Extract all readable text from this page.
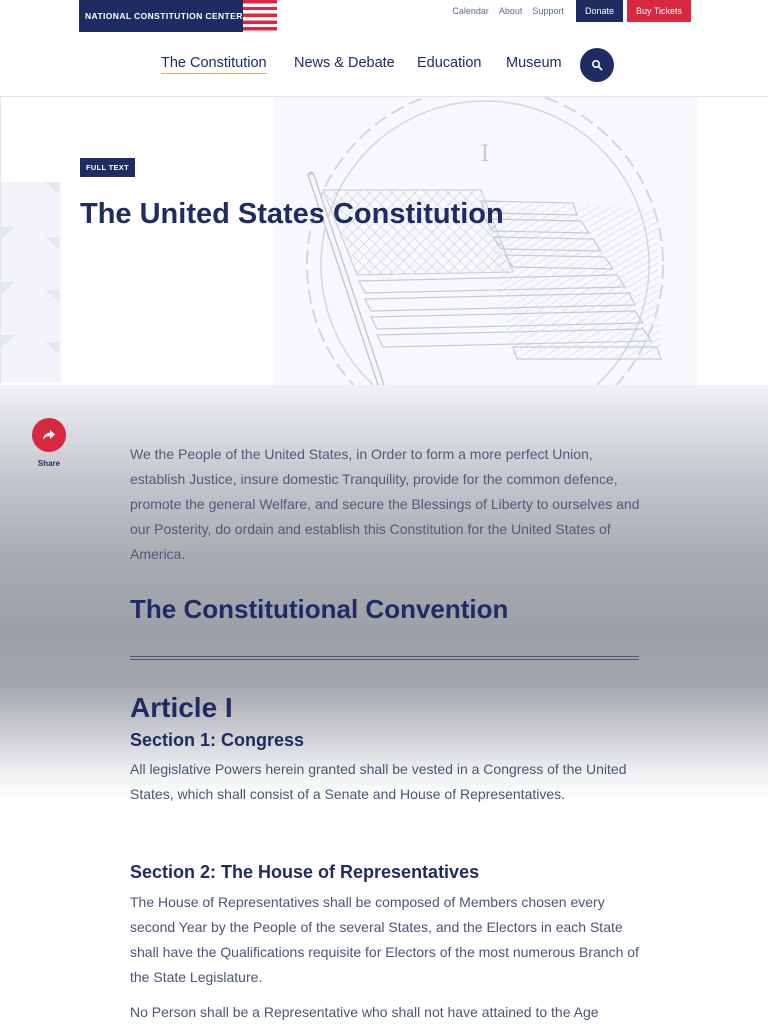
NATIONAL CONSTITUTION CENTER	Calendar About Support	Donate	Buy Tickets
The Constitution News & Debate Education Museum
I
FULL TEXT
The United States Constitution
Share

We the People of the United States, in Order to form a more perfect Union, establish Justice, insure domestic Tranquility, provide for the common defence, promote the general Welfare, and secure the Blessings of Liberty to ourselves and our Posterity, do ordain and establish this Constitution for the United States of America.

The Constitutional Convention
Article I
Section 1: Congress

All legislative Powers herein granted shall be vested in a Congress of the United States, which shall consist of a Senate and House of Representatives.

Section 2: The House of Representatives

The House of Representatives shall be composed of Members chosen every second Year by the People of the several States, and the Electors in each State shall have the Qualifications requisite for Electors of the most numerous Branch of the State Legislature.

No Person shall be a Representative who shall not have attained to the Age
